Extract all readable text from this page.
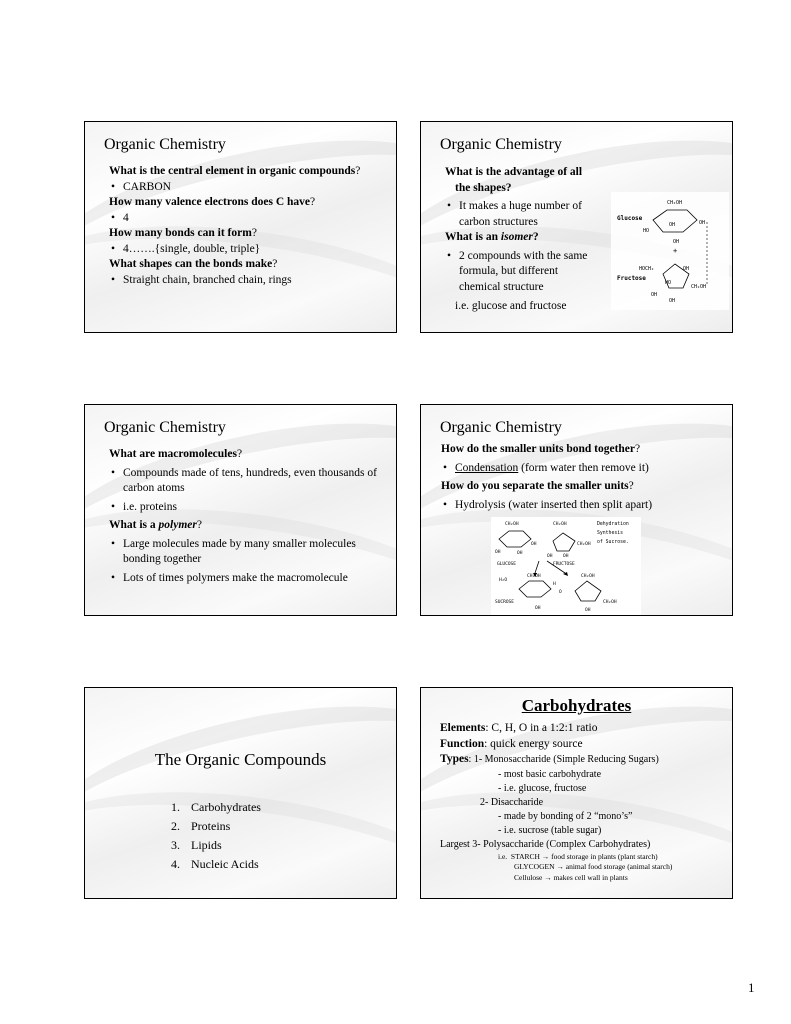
Organic Chemistry
What is the central element in organic compounds?
• CARBON
How many valence electrons does C have?
• 4
How many bonds can it form?
• 4…….{single, double, triple}
What shapes can the bonds make?
• Straight chain, branched chain, rings
Organic Chemistry
What is the advantage of all the shapes?
• It makes a huge number of carbon structures
What is an isomer?
• 2 compounds with the same formula, but different chemical structure
i.e. glucose and fructose
Glucose
CH₂OH
OH	OH
HO
OH
+
Fructose
HOCH₂	OH
HO
CH₂OH
OH
OH
Organic Chemistry
What are macromolecules?
• Compounds made of tens, hundreds, even thousands of carbon atoms
• i.e. proteins
What is a polymer?
• Large molecules made by many smaller molecules bonding together
• Lots of times polymers make the macromolecule
Organic Chemistry
How do the smaller units bond together?
• Condensation (form water then remove it)
How do you separate the smaller units?
• Hydrolysis (water inserted then split apart)
CH₂OH
OH	OH
OH
GLUCOSE
CH₂OH
CH₂OH
OH OH
FRUCTOSE
Dehydration
Synthesis
of Sucrose.
H₂O
SUCROSE
CH₂OH
OH
O
H
CH₂OH
CH₂OH
OH
The Organic Compounds
1. Carbohydrates
2. Proteins
3. Lipids
4. Nucleic Acids
Carbohydrates
Elements: C, H, O in a 1:2:1 ratio
Function: quick energy source
Types: 1- Monosaccharide (Simple Reducing Sugars)
- most basic carbohydrate
- i.e. glucose, fructose
2- Disaccharide
- made by bonding of 2 “mono’s”
- i.e. sucrose (table sugar)
Largest 3- Polysaccharide (Complex Carbohydrates)
i.e. STARCH → food storage in plants (plant starch)
GLYCOGEN → animal food storage (animal starch)
Cellulose → makes cell wall in plants
1
